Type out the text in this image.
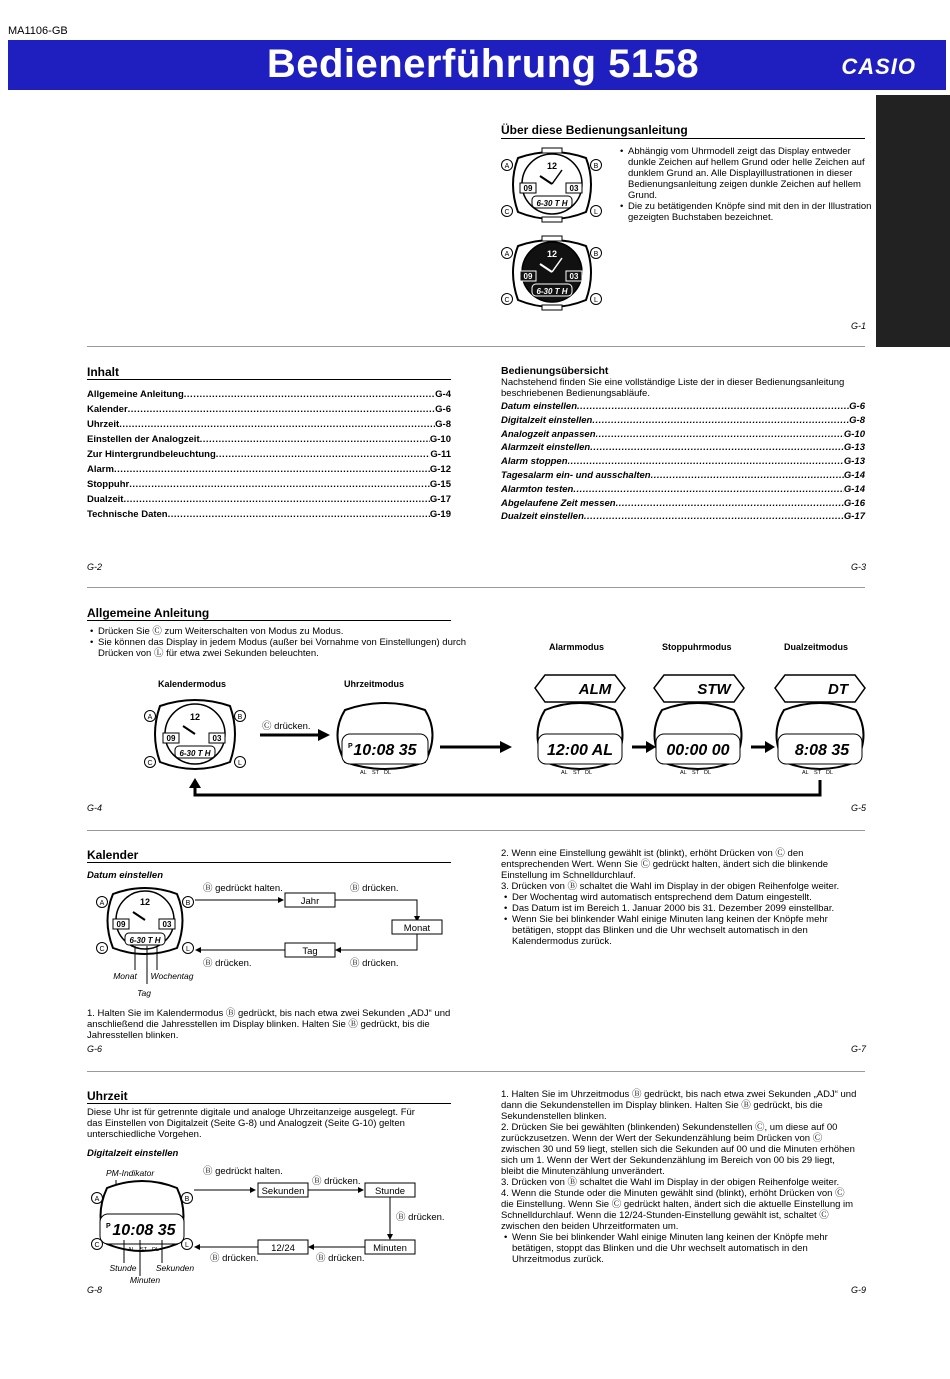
MA1106-GB
Bedienerführung 5158	CASIO
Über diese Bedienungsanleitung
12
09	03
6-30 T H
A	B
C	L
12
09	03
6-30 T H
A	B
C	L
• Abhängig vom Uhrmodell zeigt das Display entweder dunkle Zeichen auf hellem Grund oder helle Zeichen auf dunklem Grund an. Alle Displayillustrationen in dieser Bedienungsanleitung zeigen dunkle Zeichen auf hellem Grund.
• Die zu betätigenden Knöpfe sind mit den in der Illustration gezeigten Buchstaben bezeichnet.
G-1
Inhalt
Allgemeine Anleitung .....	G-4
Kalender .....	G-6
Uhrzeit .....	G-8
Einstellen der Analogzeit .....	G-10
Zur Hintergrundbeleuchtung .....	G-11
Alarm .....	G-12
Stoppuhr .....	G-15
Dualzeit .....	G-17
Technische Daten .....	G-19
G-2
Bedienungsübersicht
Nachstehend finden Sie eine vollständige Liste der in dieser Bedienungsanleitung beschriebenen Bedienungsabläufe.
Datum einstellen .....	G-6
Digitalzeit einstellen .....	G-8
Analogzeit anpassen .....	G-10
Alarmzeit einstellen .....	G-13
Alarm stoppen .....	G-13
Tagesalarm ein- und ausschalten .....	G-14
Alarmton testen .....	G-14
Abgelaufene Zeit messen .....	G-16
Dualzeit einstellen .....	G-17
G-3
Allgemeine Anleitung
• Drücken Sie Ⓒ zum Weiterschalten von Modus zu Modus.
• Sie können das Display in jedem Modus (außer bei Vornahme von Einstellungen) durch Drücken von Ⓛ für etwa zwei Sekunden beleuchten.
Kalendermodus	Uhrzeitmodus
Alarmmodus	Stoppuhrmodus	Dualzeitmodus
12
09	03
6-30 T H
A	B
C	L
Ⓒ drücken.
P 10:08 35
AL ST DL
ALM
12:00 AL
AL ST DL
STW
00:00 00
AL ST DL
DT
8:08 35
AL ST DL
G-4	G-5
Kalender
Datum einstellen
12
09	03
6-30 T H
A	B
C	L
Monat Wochentag
Tag
Ⓑ gedrückt halten.
Jahr
Ⓑ drücken.
Monat
Ⓑ drücken.
Tag
Ⓑ drücken.
1. Halten Sie im Kalendermodus Ⓑ gedrückt, bis nach etwa zwei Sekunden „ADJ“ und anschließend die Jahresstellen im Display blinken. Halten Sie Ⓑ gedrückt, bis die Jahresstellen blinken.
G-6
2. Wenn eine Einstellung gewählt ist (blinkt), erhöht Drücken von Ⓒ den entsprechenden Wert. Wenn Sie Ⓒ gedrückt halten, ändert sich die blinkende Einstellung im Schnelldurchlauf.
3. Drücken von Ⓑ schaltet die Wahl im Display in der obigen Reihenfolge weiter.
• Der Wochentag wird automatisch entsprechend dem Datum eingestellt.
• Das Datum ist im Bereich 1. Januar 2000 bis 31. Dezember 2099 einstellbar.
• Wenn Sie bei blinkender Wahl einige Minuten lang keinen der Knöpfe mehr betätigen, stoppt das Blinken und die Uhr wechselt automatisch in den Kalendermodus zurück.
G-7
Uhrzeit
Diese Uhr ist für getrennte digitale und analoge Uhrzeitanzeige ausgelegt. Für das Einstellen von Digitalzeit (Seite G-8) und Analogzeit (Seite G-10) gelten unterschiedliche Vorgehen.
Digitalzeit einstellen
PM-Indikator
P 10:08 35
AL ST DL
A	B
C	L
Stunde Sekunden
Minuten
Ⓑ gedrückt halten.
Sekunden
Ⓑ drücken.
Stunde
Ⓑ drücken.
Minuten
Ⓑ drücken.
12/24
Ⓑ drücken.
G-8
1. Halten Sie im Uhrzeitmodus Ⓑ gedrückt, bis nach etwa zwei Sekunden „ADJ“ und dann die Sekundenstellen im Display blinken. Halten Sie Ⓑ gedrückt, bis die Sekundenstellen blinken.
2. Drücken Sie bei gewählten (blinkenden) Sekundenstellen Ⓒ, um diese auf 00 zurückzusetzen. Wenn der Wert der Sekundenzählung beim Drücken von Ⓒ zwischen 30 und 59 liegt, stellen sich die Sekunden auf 00 und die Minuten erhöhen sich um 1. Wenn der Wert der Sekundenzählung im Bereich von 00 bis 29 liegt, bleibt die Minutenzählung unverändert.
3. Drücken von Ⓑ schaltet die Wahl im Display in der obigen Reihenfolge weiter.
4. Wenn die Stunde oder die Minuten gewählt sind (blinkt), erhöht Drücken von Ⓒ die Einstellung. Wenn Sie Ⓒ gedrückt halten, ändert sich die aktuelle Einstellung im Schnelldurchlauf. Wenn die 12/24-Stunden-Einstellung gewählt ist, schaltet Ⓒ zwischen den beiden Uhrzeitformaten um.
• Wenn Sie bei blinkender Wahl einige Minuten lang keinen der Knöpfe mehr betätigen, stoppt das Blinken und die Uhr wechselt automatisch in den Uhrzeitmodus zurück.
G-9
